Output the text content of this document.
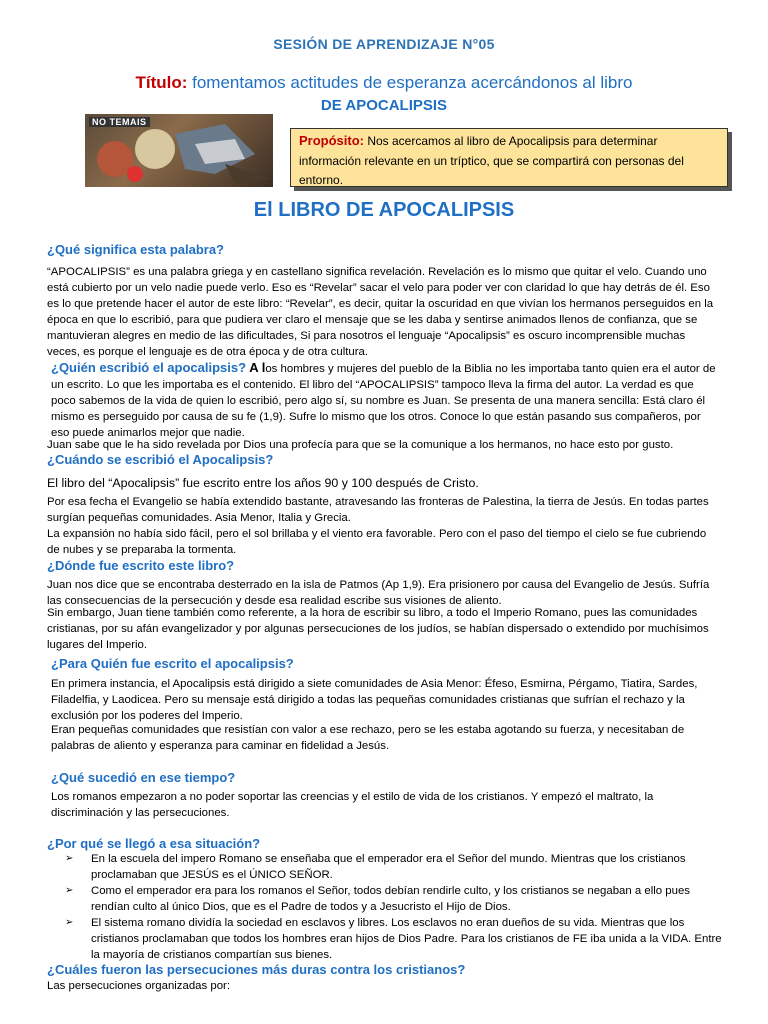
SESIÓN DE APRENDIZAJE N°05
Título: fomentamos actitudes de esperanza acercándonos al libro
DE APOCALIPSIS
NO TEMAIS
Propósito: Nos acercamos al libro de Apocalipsis para determinar información relevante en un tríptico, que se compartirá con personas del entorno.
El LIBRO DE APOCALIPSIS
¿Qué significa esta palabra?
“APOCALIPSIS” es una palabra griega y en castellano significa revelación. Revelación es lo mismo que quitar el velo. Cuando uno está cubierto por un velo nadie puede verlo. Eso es “Revelar” sacar el velo para poder ver con claridad lo que hay detrás de él. Eso es lo que pretende hacer el autor de este libro: “Revelar”, es decir, quitar la oscuridad en que vivían los hermanos perseguidos en la época en que lo escribió, para que pudiera ver claro el mensaje que se les daba y sentirse animados llenos de confianza, que se mantuvieran alegres en medio de las dificultades, Si para nosotros el lenguaje “Apocalipsis” es oscuro incomprensible muchas veces, es porque el lenguaje es de otra época y de otra cultura.
¿Quién escribió el apocalipsis? A los hombres y mujeres del pueblo de la Biblia no les importaba tanto quien era el autor de un escrito. Lo que les importaba es el contenido. El libro del “APOCALIPSIS” tampoco lleva la firma del autor. La verdad es que poco sabemos de la vida de quien lo escribió, pero algo sí, su nombre es Juan. Se presenta de una manera sencilla: Está claro él mismo es perseguido por causa de su fe (1,9). Sufre lo mismo que los otros. Conoce lo que están pasando sus compañeros, por eso puede animarlos mejor que nadie.
Juan sabe que le ha sido revelada por Dios una profecía para que se la comunique a los hermanos, no hace esto por gusto.
¿Cuándo se escribió el Apocalipsis?
El libro del “Apocalipsis” fue escrito entre los años 90 y 100 después de Cristo.
Por esa fecha el Evangelio se había extendido bastante, atravesando las fronteras de Palestina, la tierra de Jesús. En todas partes surgían pequeñas comunidades. Asia Menor, Italia y Grecia.
La expansión no había sido fácil, pero el sol brillaba y el viento era favorable. Pero con el paso del tiempo el cielo se fue cubriendo de nubes y se preparaba la tormenta.
¿Dónde fue escrito este libro?
Juan nos dice que se encontraba desterrado en la isla de Patmos (Ap 1,9). Era prisionero por causa del Evangelio de Jesús. Sufría las consecuencias de la persecución y desde esa realidad escribe sus visiones de aliento.
Sin embargo, Juan tiene también como referente, a la hora de escribir su libro, a todo el Imperio Romano, pues las comunidades cristianas, por su afán evangelizador y por algunas persecuciones de los judíos, se habían dispersado o extendido por muchísimos lugares del Imperio.
¿Para Quién fue escrito el apocalipsis?
En primera instancia, el Apocalipsis está dirigido a siete comunidades de Asia Menor: Éfeso, Esmirna, Pérgamo, Tiatira, Sardes, Filadelfia, y Laodicea. Pero su mensaje está dirigido a todas las pequeñas comunidades cristianas que sufrían el rechazo y la exclusión por los poderes del Imperio.
Eran pequeñas comunidades que resistían con valor a ese rechazo, pero se les estaba agotando su fuerza, y necesitaban de palabras de aliento y esperanza para caminar en fidelidad a Jesús.
¿Qué sucedió en ese tiempo?
Los romanos empezaron a no poder soportar las creencias y el estilo de vida de los cristianos. Y empezó el maltrato, la discriminación y las persecuciones.
¿Por qué se llegó a esa situación?
➢ En la escuela del impero Romano se enseñaba que el emperador era el Señor del mundo. Mientras que los cristianos proclamaban que JESÚS es el ÚNICO SEÑOR.
➢ Como el emperador era para los romanos el Señor, todos debían rendirle culto, y los cristianos se negaban a ello pues rendían culto al único Dios, que es el Padre de todos y a Jesucristo el Hijo de Dios.
➢ El sistema romano dividía la sociedad en esclavos y libres. Los esclavos no eran dueños de su vida. Mientras que los cristianos proclamaban que todos los hombres eran hijos de Dios Padre. Para los cristianos de FE iba unida a la VIDA. Entre la mayoría de cristianos compartían sus bienes.
¿Cuáles fueron las persecuciones más duras contra los cristianos?
Las persecuciones organizadas por:
